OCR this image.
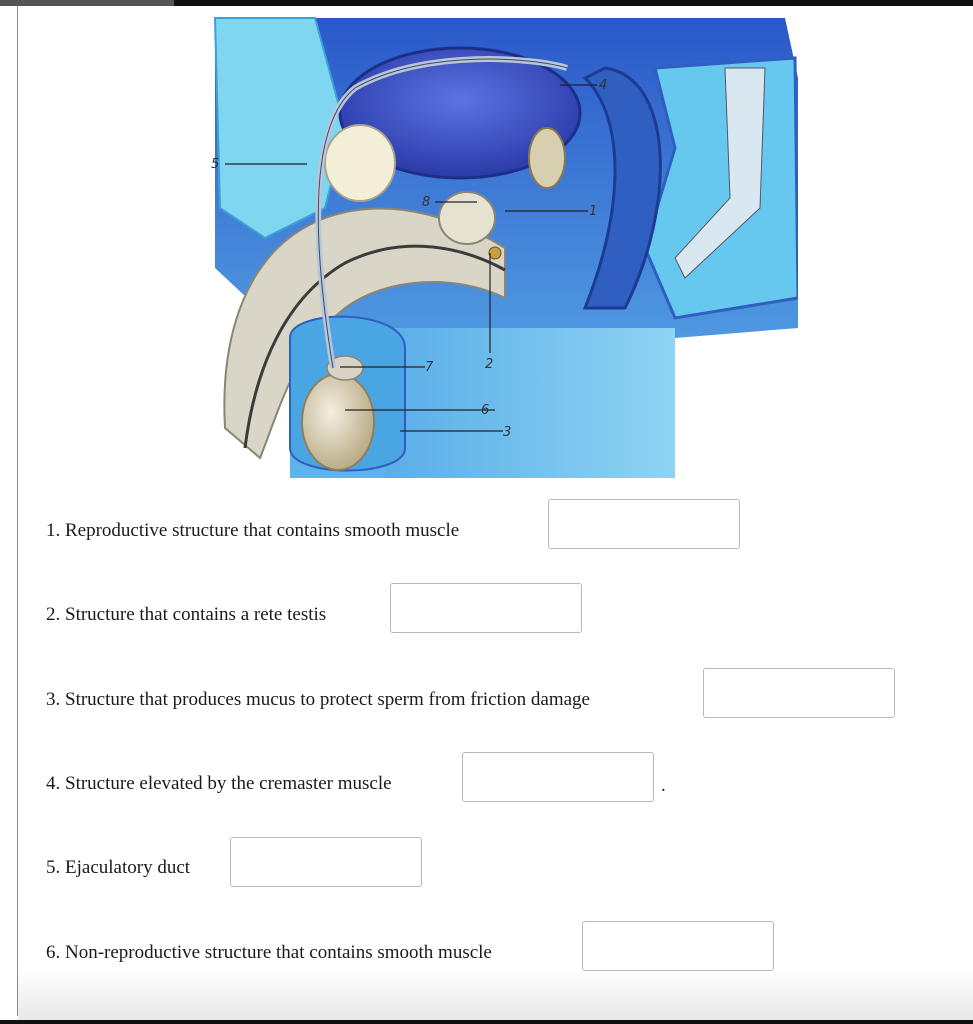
4
5
8
1
2
7
6
3
1. Reproductive structure that contains smooth muscle
2. Structure that contains a rete testis
3. Structure that produces mucus to protect sperm from friction damage
4. Structure elevated by the cremaster muscle	.
5. Ejaculatory duct
6. Non-reproductive structure that contains smooth muscle
